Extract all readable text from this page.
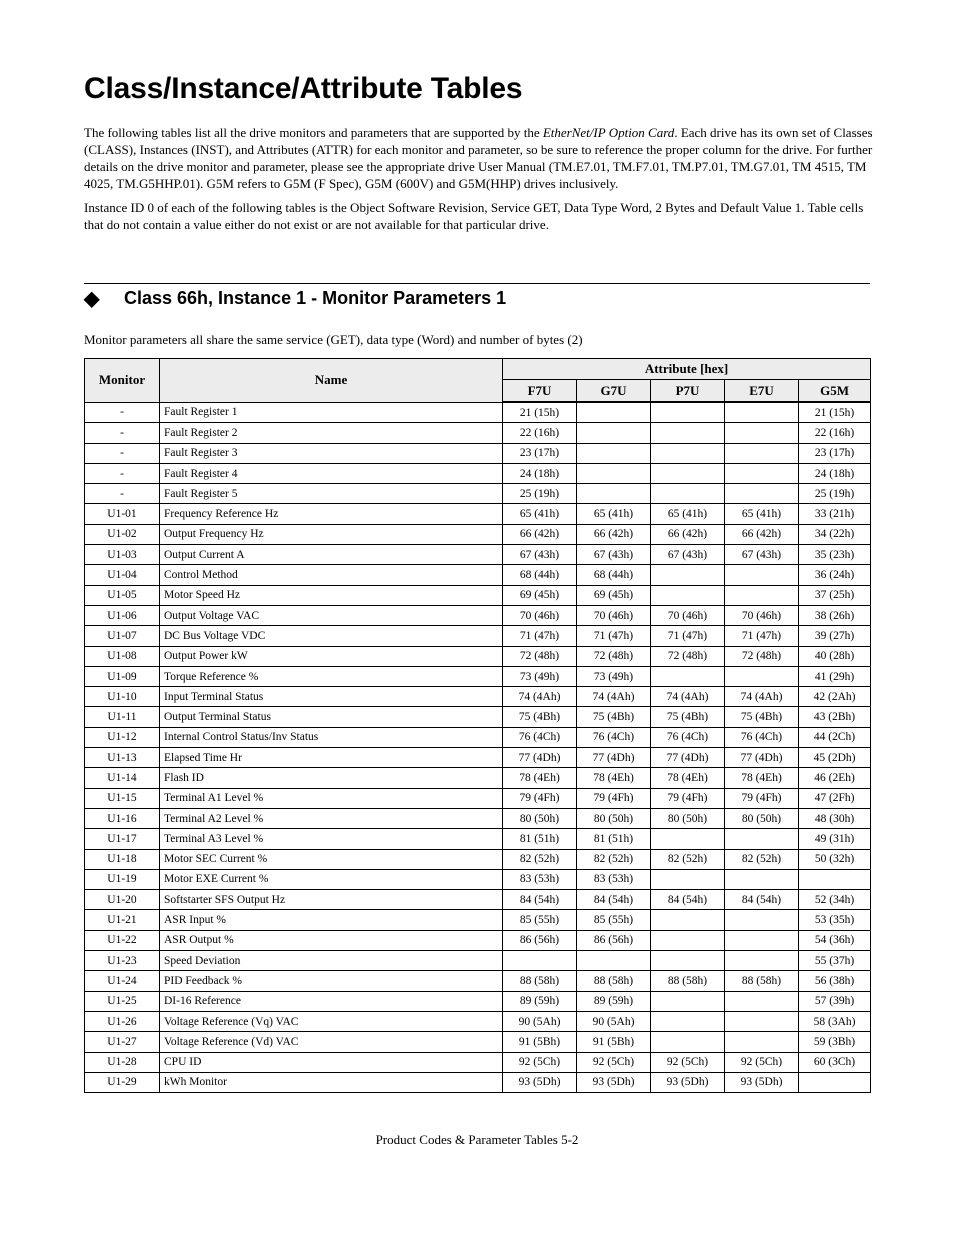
Class/Instance/Attribute Tables

The following tables list all the drive monitors and parameters that are supported by the EtherNet/IP Option Card. Each drive has its own set of Classes (CLASS), Instances (INST), and Attributes (ATTR) for each monitor and parameter, so be sure to reference the proper column for the drive. For further details on the drive monitor and parameter, please see the appropriate drive User Manual (TM.E7.01, TM.F7.01, TM.P7.01, TM.G7.01, TM 4515, TM 4025, TM.G5HHP.01). G5M refers to G5M (F Spec), G5M (600V) and G5M(HHP) drives inclusively.

Instance ID 0 of each of the following tables is the Object Software Revision, Service GET, Data Type Word, 2 Bytes and Default Value 1. Table cells that do not contain a value either do not exist or are not available for that particular drive.

◆	Class 66h, Instance 1 - Monitor Parameters 1

Monitor parameters all share the same service (GET), data type (Word) and number of bytes (2)

Monitor	Name	Attribute [hex]				
		F7U	G7U	P7U	E7U	G5M
-	Fault Register 1	21 (15h)				21 (15h)
-	Fault Register 2	22 (16h)				22 (16h)
-	Fault Register 3	23 (17h)				23 (17h)
-	Fault Register 4	24 (18h)				24 (18h)
-	Fault Register 5	25 (19h)				25 (19h)
U1-01	Frequency Reference Hz	65 (41h)	65 (41h)	65 (41h)	65 (41h)	33 (21h)
U1-02	Output Frequency Hz	66 (42h)	66 (42h)	66 (42h)	66 (42h)	34 (22h)
U1-03	Output Current A	67 (43h)	67 (43h)	67 (43h)	67 (43h)	35 (23h)
U1-04	Control Method	68 (44h)	68 (44h)			36 (24h)
U1-05	Motor Speed Hz	69 (45h)	69 (45h)			37 (25h)
U1-06	Output Voltage VAC	70 (46h)	70 (46h)	70 (46h)	70 (46h)	38 (26h)
U1-07	DC Bus Voltage VDC	71 (47h)	71 (47h)	71 (47h)	71 (47h)	39 (27h)
U1-08	Output Power kW	72 (48h)	72 (48h)	72 (48h)	72 (48h)	40 (28h)
U1-09	Torque Reference %	73 (49h)	73 (49h)			41 (29h)
U1-10	Input Terminal Status	74 (4Ah)	74 (4Ah)	74 (4Ah)	74 (4Ah)	42 (2Ah)
U1-11	Output Terminal Status	75 (4Bh)	75 (4Bh)	75 (4Bh)	75 (4Bh)	43 (2Bh)
U1-12	Internal Control Status/Inv Status	76 (4Ch)	76 (4Ch)	76 (4Ch)	76 (4Ch)	44 (2Ch)
U1-13	Elapsed Time Hr	77 (4Dh)	77 (4Dh)	77 (4Dh)	77 (4Dh)	45 (2Dh)
U1-14	Flash ID	78 (4Eh)	78 (4Eh)	78 (4Eh)	78 (4Eh)	46 (2Eh)
U1-15	Terminal A1 Level %	79 (4Fh)	79 (4Fh)	79 (4Fh)	79 (4Fh)	47 (2Fh)
U1-16	Terminal A2 Level %	80 (50h)	80 (50h)	80 (50h)	80 (50h)	48 (30h)
U1-17	Terminal A3 Level %	81 (51h)	81 (51h)			49 (31h)
U1-18	Motor SEC Current %	82 (52h)	82 (52h)	82 (52h)	82 (52h)	50 (32h)
U1-19	Motor EXE Current %	83 (53h)	83 (53h)			
U1-20	Softstarter SFS Output Hz	84 (54h)	84 (54h)	84 (54h)	84 (54h)	52 (34h)
U1-21	ASR Input %	85 (55h)	85 (55h)			53 (35h)
U1-22	ASR Output %	86 (56h)	86 (56h)			54 (36h)
U1-23	Speed Deviation					55 (37h)
U1-24	PID Feedback %	88 (58h)	88 (58h)	88 (58h)	88 (58h)	56 (38h)
U1-25	DI-16 Reference	89 (59h)	89 (59h)			57 (39h)
U1-26	Voltage Reference (Vq) VAC	90 (5Ah)	90 (5Ah)			58 (3Ah)
U1-27	Voltage Reference (Vd) VAC	91 (5Bh)	91 (5Bh)			59 (3Bh)
U1-28	CPU ID	92 (5Ch)	92 (5Ch)	92 (5Ch)	92 (5Ch)	60 (3Ch)
U1-29	kWh Monitor	93 (5Dh)	93 (5Dh)	93 (5Dh)	93 (5Dh)	
Product Codes & Parameter Tables 5-2
